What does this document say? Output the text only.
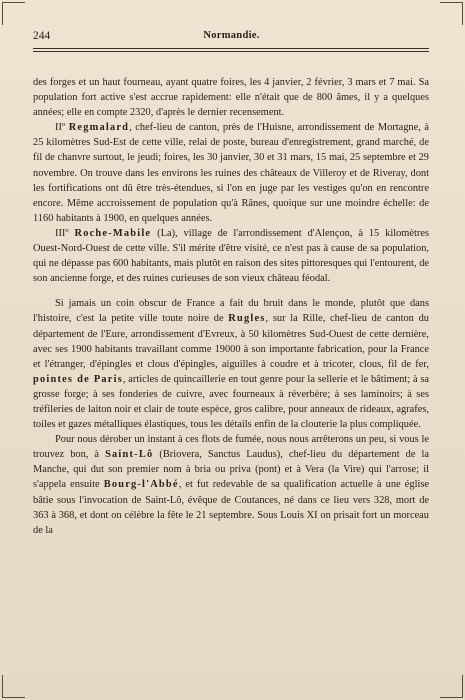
244	Normandie.

des forges et un haut fourneau, ayant quatre foires, les 4 janvier, 2 février, 3 mars et 7 mai. Sa population fort active s'est accrue rapidement: elle n'était que de 800 âmes, il y a quelques années; elle en compte 2320, d'après le dernier recensement.

IIº Regmalard, chef-lieu de canton, près de l'Huisne, arrondissement de Mortagne, à 25 kilomètres Sud-Est de cette ville, relai de poste, bureau d'enregistrement, grand marché, de fil de chanvre surtout, le jeudi; foires, les 30 janvier, 30 et 31 mars, 15 mai, 25 septembre et 29 novembre. On trouve dans les environs les ruines des châteaux de Villeroy et de Riveray, dont les fortifications ont dû être très-étendues, si l'on en juge par les vestiges qu'on en rencontre encore. Même accroissement de population qu'à Rânes, quoique sur une moindre échelle: de 1160 habitants à 1900, en quelques années.

IIIº Roche-Mabile (La), village de l'arrondissement d'Alençon, à 15 kilomètres Ouest-Nord-Ouest de cette ville. S'il mérite d'être visité, ce n'est pas à cause de sa population, qui ne dépasse pas 600 habitants, mais plutôt en raison des sites pittoresques qui l'entourent, de son ancienne forge, et des ruines curieuses de son vieux château féodal.

Si jamais un coin obscur de France a fait du bruit dans le monde, plutôt que dans l'histoire, c'est la petite ville toute noire de Rugles, sur la Rille, chef-lieu de canton du département de l'Eure, arrondissement d'Evreux, à 50 kilomètres Sud-Ouest de cette dernière, avec ses 1900 habitants travaillant comme 19000 à son importante fabrication, pour la France et l'étranger, d'épingles et clous d'épingles, aiguilles à coudre et à tricoter, clous, fil de fer, pointes de Paris, articles de quincaillerie en tout genre pour la sellerie et le bâtiment; à sa grosse forge; à ses fonderies de cuivre, avec fourneaux à réverbère; à ses laminoirs; à ses tréfileries de laiton noir et clair de toute espèce, gros calibre, pour anneaux de rideaux, agrafes, toiles et gazes métalliques élastiques, tous les détails enfin de la clouterie la plus compliquée.

Pour nous dérober un instant à ces flots de fumée, nous nous arrêterons un peu, si vous le trouvez bon, à Saint-Lô (Briovera, Sanctus Laudus), chef-lieu du département de la Manche, qui dut son premier nom à bria ou priva (pont) et à Vera (la Vire) qui l'arrose; il s'appela ensuite Bourg-l'Abbé, et fut redevable de sa qualification actuelle à une église bâtie sous l'invocation de Saint-Lô, évêque de Coutances, né dans ce lieu vers 328, mort de 363 à 368, et dont on célèbre la fête le 21 septembre. Sous Louis XI on prisait fort un morceau de la
